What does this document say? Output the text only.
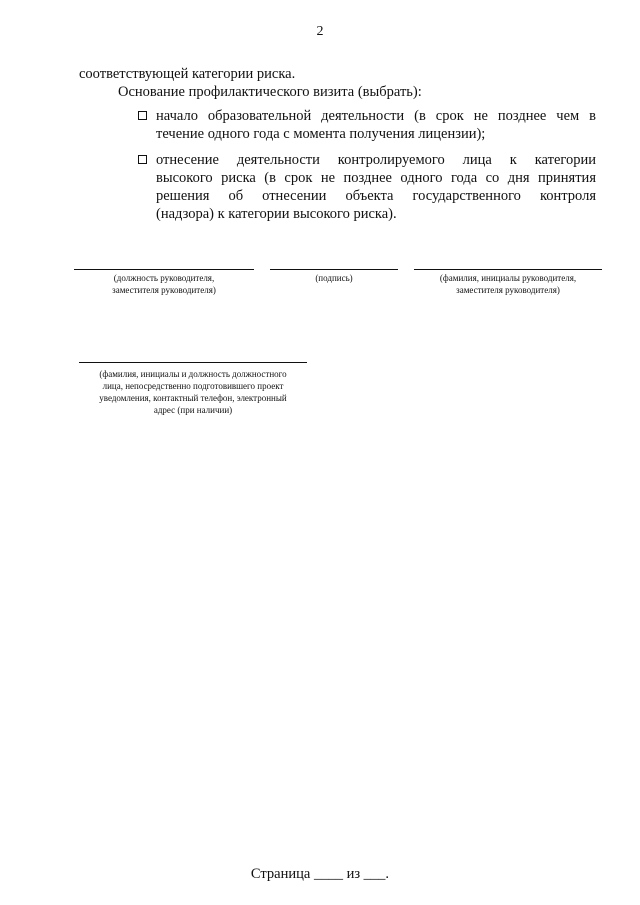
2
соответствующей категории риска.
Основание профилактического визита (выбрать):
начало образовательной деятельности (в срок не позднее чем в
течение одного года с момента получения лицензии);
отнесение деятельности контролируемого лица к категории
высокого риска (в срок не позднее одного года со дня принятия
решения об отнесении объекта государственного контроля
(надзора) к категории высокого риска).
(должность руководителя,
заместителя руководителя)
(подпись)	(фамилия, инициалы руководителя,
заместителя руководителя)
(фамилия, инициалы и должность должностного
лица, непосредственно подготовившего проект
уведомления, контактный телефон, электронный
адрес (при наличии)
Страница ____ из ___.
